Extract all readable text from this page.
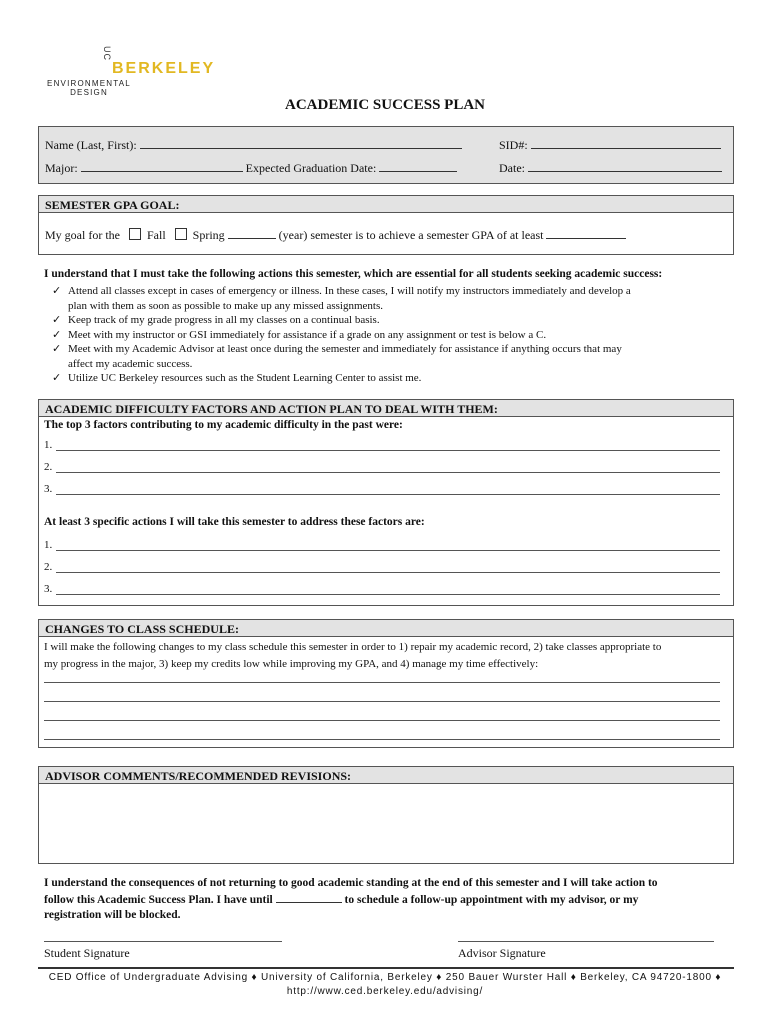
UC
BERKELEY
ENVIRONMENTAL
DESIGN
ACADEMIC SUCCESS PLAN
Name (Last, First):	SID#:
Major:	Expected Graduation Date:	Date:
SEMESTER GPA GOAL:
My goal for the Fall Spring	(year) semester is to achieve a semester GPA of at least
I understand that I must take the following actions this semester, which are essential for all students seeking academic success:
✓ Attend all classes except in cases of emergency or illness. In these cases, I will notify my instructors immediately and develop a
plan with them as soon as possible to make up any missed assignments.
✓ Keep track of my grade progress in all my classes on a continual basis.
✓ Meet with my instructor or GSI immediately for assistance if a grade on any assignment or test is below a C.
✓ Meet with my Academic Advisor at least once during the semester and immediately for assistance if anything occurs that may
affect my academic success.
✓ Utilize UC Berkeley resources such as the Student Learning Center to assist me.
ACADEMIC DIFFICULTY FACTORS AND ACTION PLAN TO DEAL WITH THEM:
The top 3 factors contributing to my academic difficulty in the past were:
1.
2.
3.
At least 3 specific actions I will take this semester to address these factors are:
1.
2.
3.
CHANGES TO CLASS SCHEDULE:
I will make the following changes to my class schedule this semester in order to 1) repair my academic record, 2) take classes appropriate to
my progress in the major, 3) keep my credits low while improving my GPA, and 4) manage my time effectively:
ADVISOR COMMENTS/RECOMMENDED REVISIONS:
I understand the consequences of not returning to good academic standing at the end of this semester and I will take action to
follow this Academic Success Plan. I have until	to schedule a follow-up appointment with my advisor, or my
registration will be blocked.
Student Signature	Advisor Signature
CED Office of Undergraduate Advising ♦ University of California, Berkeley ♦ 250 Bauer Wurster Hall ♦ Berkeley, CA 94720-1800 ♦
http://www.ced.berkeley.edu/advising/
